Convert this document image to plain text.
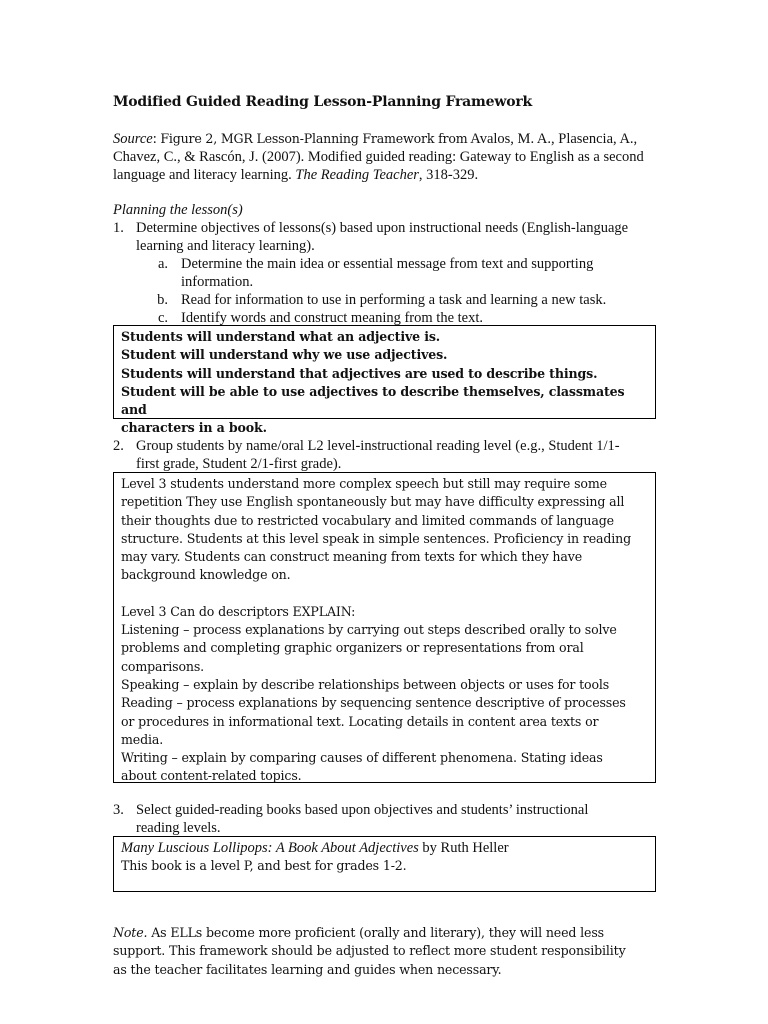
Modified Guided Reading Lesson-Planning Framework
Source: Figure 2, MGR Lesson-Planning Framework from Avalos, M. A., Plasencia, A., Chavez, C., & Rascón, J. (2007). Modified guided reading: Gateway to English as a second language and literacy learning. The Reading Teacher, 318-329.
Planning the lesson(s)
1. Determine objectives of lessons(s) based upon instructional needs (English-language
learning and literacy learning).
a. Determine the main idea or essential message from text and supporting
information.
b. Read for information to use in performing a task and learning a new task.
c. Identify words and construct meaning from the text.

Students will understand what an adjective is.

Student will understand why we use adjectives.

Students will understand that adjectives are used to describe things.

Student will be able to use adjectives to describe themselves, classmates and

characters in a book.

2. Group students by name/oral L2 level-instructional reading level (e.g., Student 1/1-
first grade, Student 2/1-first grade).

Level 3 students understand more complex speech but still may require some

repetition They use English spontaneously but may have difficulty expressing all

their thoughts due to restricted vocabulary and limited commands of language

structure. Students at this level speak in simple sentences. Proficiency in reading

may vary. Students can construct meaning from texts for which they have

background knowledge on.

Level 3 Can do descriptors EXPLAIN:

Listening – process explanations by carrying out steps described orally to solve

problems and completing graphic organizers or representations from oral

comparisons.

Speaking – explain by describe relationships between objects or uses for tools

Reading – process explanations by sequencing sentence descriptive of processes

or procedures in informational text. Locating details in content area texts or

media.

Writing – explain by comparing causes of different phenomena. Stating ideas

about content-related topics.

3. Select guided-reading books based upon objectives and students’ instructional
reading levels.

Many Luscious Lollipops: A Book About Adjectives by Ruth Heller

This book is a level P, and best for grades 1-2.

Note. As ELLs become more proficient (orally and literary), they will need less
support. This framework should be adjusted to reflect more student responsibility
as the teacher facilitates learning and guides when necessary.
